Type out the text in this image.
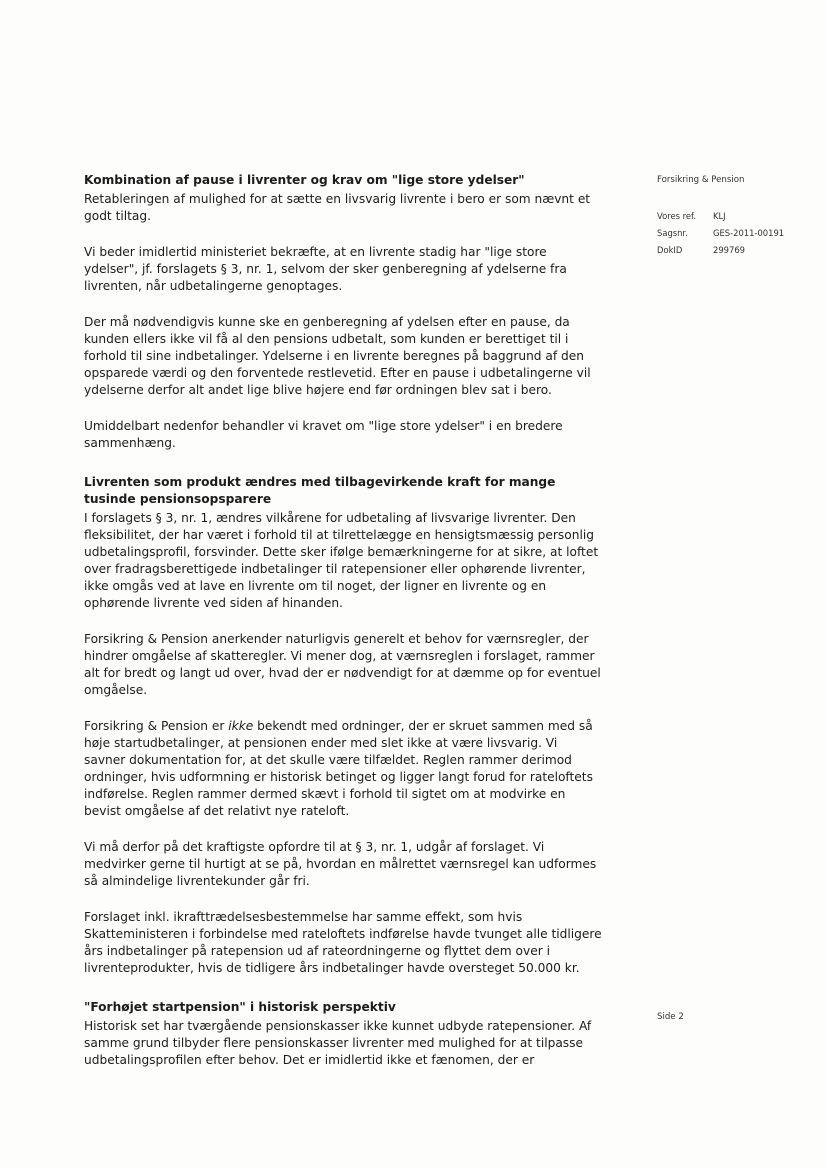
Forsikring & Pension
Vores ref.	KLJ
Sagsnr.	GES-2011-00191
DokID	299769
Side 2
Kombination af pause i livrenter og krav om "lige store ydelser"

Retableringen af mulighed for at sætte en livsvarig livrente i bero er som nævnt et godt tiltag.

Vi beder imidlertid ministeriet bekræfte, at en livrente stadig har "lige store ydelser", jf. forslagets § 3, nr. 1, selvom der sker genberegning af ydelserne fra livrenten, når udbetalingerne genoptages.

Der må nødvendigvis kunne ske en genberegning af ydelsen efter en pause, da kunden ellers ikke vil få al den pensions udbetalt, som kunden er berettiget til i forhold til sine indbetalinger. Ydelserne i en livrente beregnes på baggrund af den opsparede værdi og den forventede restlevetid. Efter en pause i udbetalingerne vil ydelserne derfor alt andet lige blive højere end før ordningen blev sat i bero.

Umiddelbart nedenfor behandler vi kravet om "lige store ydelser" i en bredere sammenhæng.

Livrenten som produkt ændres med tilbagevirkende kraft for mange tusinde pensionsopsparere

I forslagets § 3, nr. 1, ændres vilkårene for udbetaling af livsvarige livrenter. Den fleksibilitet, der har været i forhold til at tilrettelægge en hensigtsmæssig personlig udbetalingsprofil, forsvinder. Dette sker ifølge bemærkningerne for at sikre, at loftet over fradragsberettigede indbetalinger til ratepensioner eller ophørende livrenter, ikke omgås ved at lave en livrente om til noget, der ligner en livrente og en ophørende livrente ved siden af hinanden.

Forsikring & Pension anerkender naturligvis generelt et behov for værnsregler, der hindrer omgåelse af skatteregler. Vi mener dog, at værnsreglen i forslaget, rammer alt for bredt og langt ud over, hvad der er nødvendigt for at dæmme op for eventuel omgåelse.

Forsikring & Pension er ikke bekendt med ordninger, der er skruet sammen med så høje startudbetalinger, at pensionen ender med slet ikke at være livsvarig. Vi savner dokumentation for, at det skulle være tilfældet. Reglen rammer derimod ordninger, hvis udformning er historisk betinget og ligger langt forud for rateloftets indførelse. Reglen rammer dermed skævt i forhold til sigtet om at modvirke en bevist omgåelse af det relativt nye rateloft.

Vi må derfor på det kraftigste opfordre til at § 3, nr. 1, udgår af forslaget. Vi medvirker gerne til hurtigt at se på, hvordan en målrettet værnsregel kan udformes så almindelige livrentekunder går fri.

Forslaget inkl. ikrafttrædelsesbestemmelse har samme effekt, som hvis Skatteministeren i forbindelse med rateloftets indførelse havde tvunget alle tidligere års indbetalinger på ratepension ud af rateordningerne og flyttet dem over i livrenteprodukter, hvis de tidligere års indbetalinger havde oversteget 50.000 kr.

"Forhøjet startpension" i historisk perspektiv

Historisk set har tværgående pensionskasser ikke kunnet udbyde ratepensioner. Af samme grund tilbyder flere pensionskasser livrenter med mulighed for at tilpasse udbetalingsprofilen efter behov. Det er imidlertid ikke et fænomen, der er
